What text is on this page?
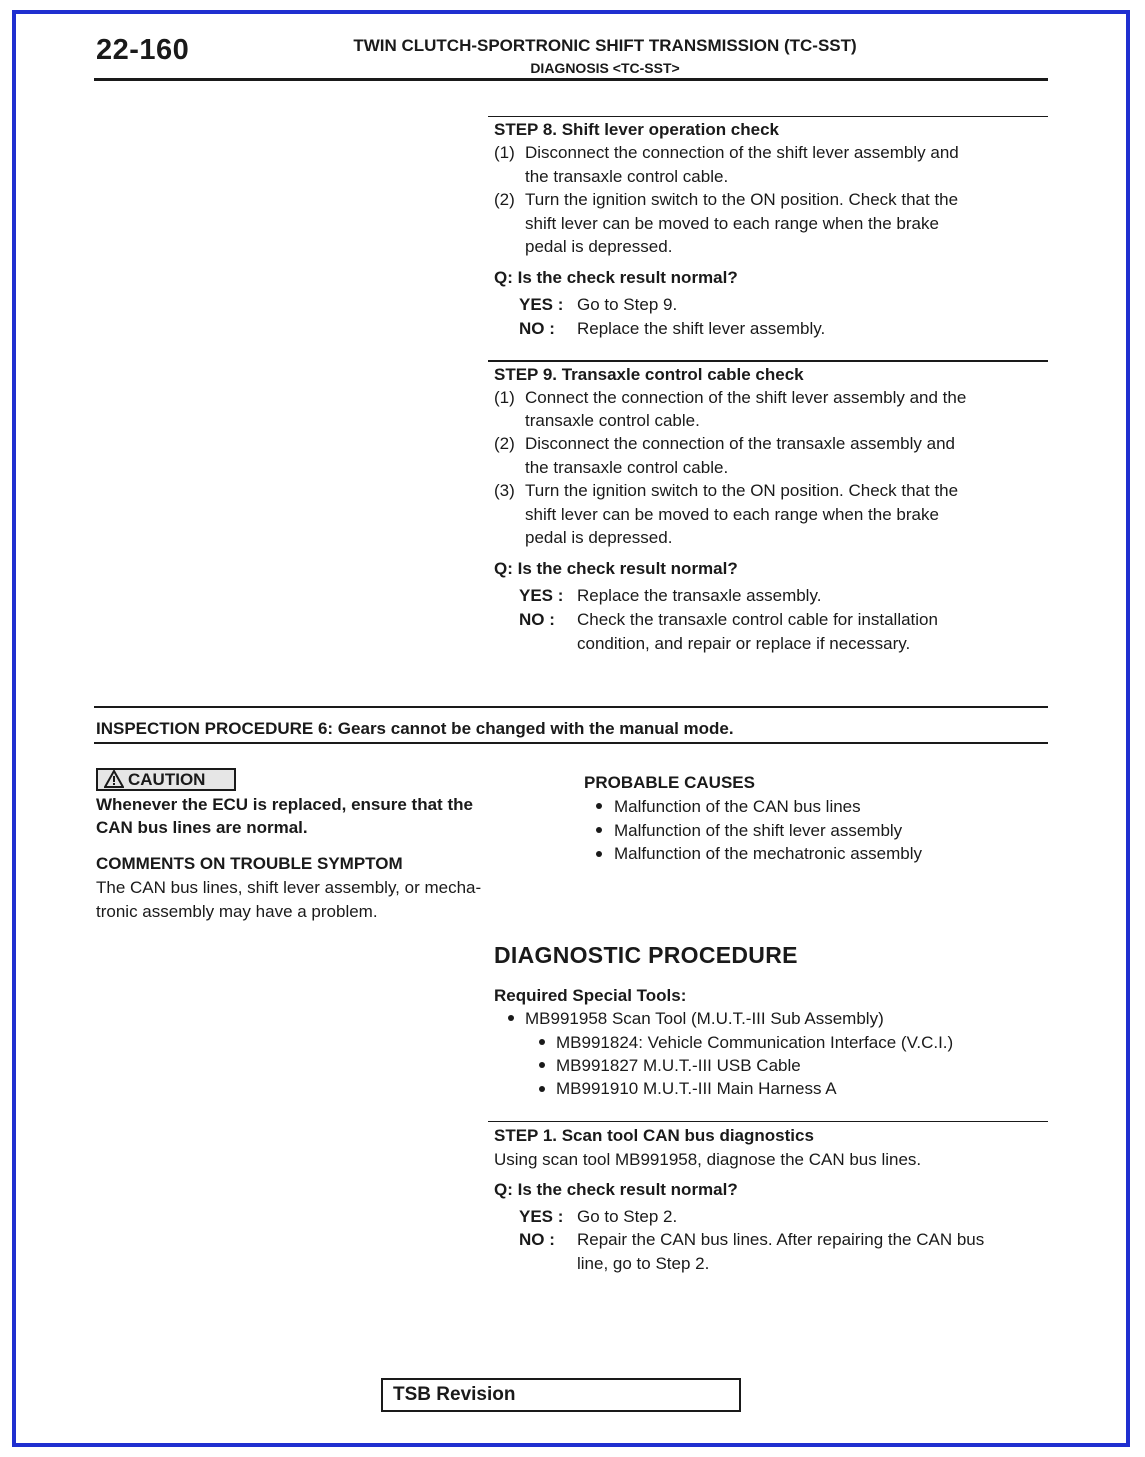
22-160	TWIN CLUTCH-SPORTRONIC SHIFT TRANSMISSION (TC-SST)
DIAGNOSIS <TC-SST>
STEP 8. Shift lever operation check
(1) Disconnect the connection of the shift lever assembly and
the transaxle control cable.
(2) Turn the ignition switch to the ON position. Check that the
shift lever can be moved to each range when the brake
pedal is depressed.
Q: Is the check result normal?
YES : Go to Step 9.
NO : Replace the shift lever assembly.
STEP 9. Transaxle control cable check
(1) Connect the connection of the shift lever assembly and the
transaxle control cable.
(2) Disconnect the connection of the transaxle assembly and
the transaxle control cable.
(3) Turn the ignition switch to the ON position. Check that the
shift lever can be moved to each range when the brake
pedal is depressed.
Q: Is the check result normal?
YES : Replace the transaxle assembly.
NO : Check the transaxle control cable for installation
condition, and repair or replace if necessary.
INSPECTION PROCEDURE 6: Gears cannot be changed with the manual mode.
CAUTION
Whenever the ECU is replaced, ensure that the
CAN bus lines are normal.
COMMENTS ON TROUBLE SYMPTOM
The CAN bus lines, shift lever assembly, or mecha-
tronic assembly may have a problem.
PROBABLE CAUSES
Malfunction of the CAN bus lines
Malfunction of the shift lever assembly
Malfunction of the mechatronic assembly
DIAGNOSTIC PROCEDURE
Required Special Tools:
MB991958 Scan Tool (M.U.T.-III Sub Assembly)
MB991824: Vehicle Communication Interface (V.C.I.)
MB991827 M.U.T.-III USB Cable
MB991910 M.U.T.-III Main Harness A
STEP 1. Scan tool CAN bus diagnostics
Using scan tool MB991958, diagnose the CAN bus lines.
Q: Is the check result normal?
YES : Go to Step 2.
NO : Repair the CAN bus lines. After repairing the CAN bus
line, go to Step 2.
TSB Revision
